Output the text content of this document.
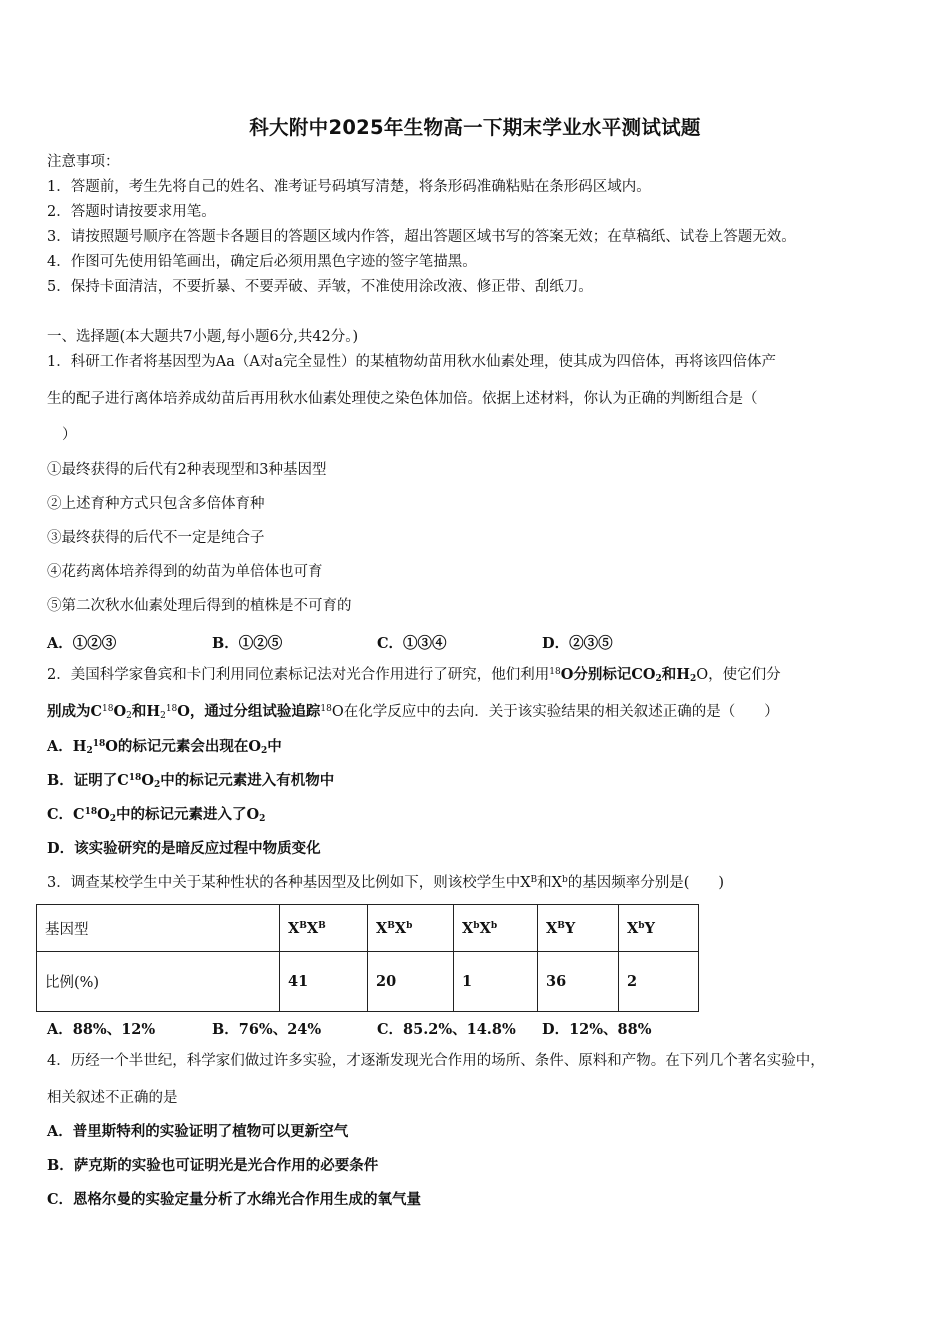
科大附中2025年生物高一下期末学业水平测试试题
注意事项：
1．答题前，考生先将自己的姓名、准考证号码填写清楚，将条形码准确粘贴在条形码区域内。
2．答题时请按要求用笔。
3．请按照题号顺序在答题卡各题目的答题区域内作答，超出答题区域书写的答案无效；在草稿纸、试卷上答题无效。
4．作图可先使用铅笔画出，确定后必须用黑色字迹的签字笔描黑。
5．保持卡面清洁，不要折暴、不要弄破、弄皱，不准使用涂改液、修正带、刮纸刀。
一、选择题(本大题共7小题,每小题6分,共42分。)
1．科研工作者将基因型为Aa（A对a完全显性）的某植物幼苗用秋水仙素处理，使其成为四倍体，再将该四倍体产
生的配子进行离体培养成幼苗后再用秋水仙素处理使之染色体加倍。依据上述材料，你认为正确的判断组合是（
）
①最终获得的后代有2种表现型和3种基因型
②上述育种方式只包含多倍体育种
③最终获得的后代不一定是纯合子
④花药离体培养得到的幼苗为单倍体也可育
⑤第二次秋水仙素处理后得到的植株是不可育的
A．①②③	B．①②⑤	C．①③④	D．②③⑤
2．美国科学家鲁宾和卡门利用同位素标记法对光合作用进行了研究，他们利用$^{18}$O分别标记$CO_2$和$H_2O$，使它们分
别成为$C^{18}O_2$和$H_2^{18}O$，通过分组试验追踪$^{18}$O在化学反应中的去向．关于该实验结果的相关叙述正确的是（　　）
A．$H_2^{18}O$的标记元素会出现在$O_2$中
B．证明了$C^{18}O_2$中的标记元素进入有机物中
C．$C^{18}O_2$中的标记元素进入了$O_2$
D．该实验研究的是暗反应过程中物质变化
3．调查某校学生中关于某种性状的各种基因型及比例如下，则该校学生中$X^B$和$X^b$的基因频率分别是(　　)
基因型	$X^BX^B$	$X^BX^b$	$X^bX^b$	$X^BY$	$X^bY$
比例(%)	41	20	1	36	2
A．88%、12%	B．76%、24%	C．85.2%、14.8% D．12%、88%
4．历经一个半世纪，科学家们做过许多实验，才逐渐发现光合作用的场所、条件、原料和产物。在下列几个著名实验中，
相关叙述不正确的是
A．普里斯特利的实验证明了植物可以更新空气
B．萨克斯的实验也可证明光是光合作用的必要条件
C．恩格尔曼的实验定量分析了水绵光合作用生成的氧气量
